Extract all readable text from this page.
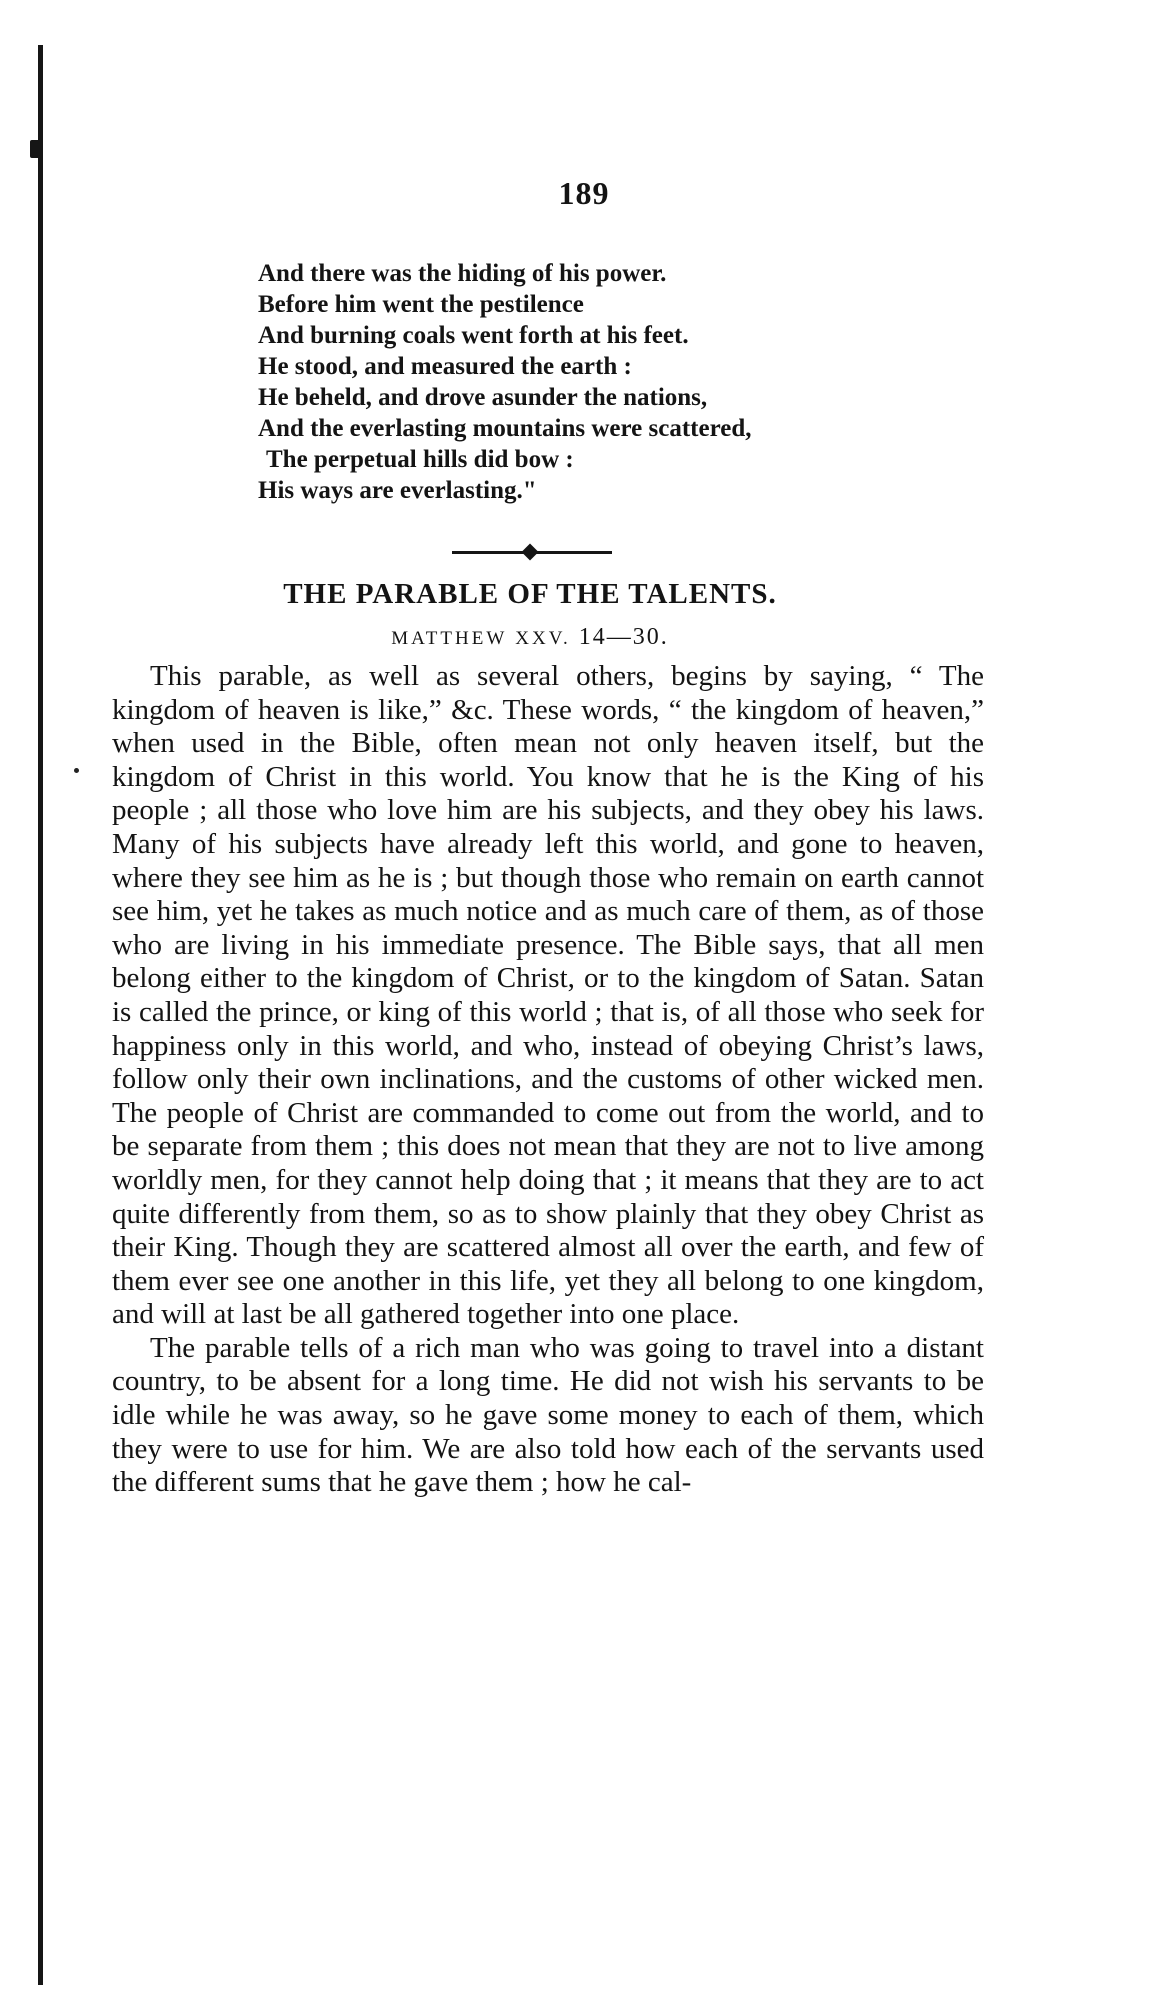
189
And there was the hiding of his power.
Before him went the pestilence
And burning coals went forth at his feet.
He stood, and measured the earth :
He beheld, and drove asunder the nations,
And the everlasting mountains were scattered,
The perpetual hills did bow :
His ways are everlasting."
THE PARABLE OF THE TALENTS.
MATTHEW XXV. 14—30.

This parable, as well as several others, begins by saying, “ The kingdom of heaven is like,” &c. These words, “ the kingdom of heaven,” when used in the Bible, often mean not only heaven itself, but the kingdom of Christ in this world. You know that he is the King of his people ; all those who love him are his subjects, and they obey his laws. Many of his subjects have already left this world, and gone to heaven, where they see him as he is ; but though those who remain on earth cannot see him, yet he takes as much notice and as much care of them, as of those who are living in his immediate presence. The Bible says, that all men belong either to the kingdom of Christ, or to the kingdom of Satan. Satan is called the prince, or king of this world ; that is, of all those who seek for happiness only in this world, and who, instead of obeying Christ’s laws, follow only their own inclinations, and the customs of other wicked men. The people of Christ are commanded to come out from the world, and to be separate from them ; this does not mean that they are not to live among worldly men, for they cannot help doing that ; it means that they are to act quite differently from them, so as to show plainly that they obey Christ as their King. Though they are scattered almost all over the earth, and few of them ever see one another in this life, yet they all belong to one kingdom, and will at last be all gathered together into one place.

The parable tells of a rich man who was going to travel into a distant country, to be absent for a long time. He did not wish his servants to be idle while he was away, so he gave some money to each of them, which they were to use for him. We are also told how each of the servants used the different sums that he gave them ; how he cal-
